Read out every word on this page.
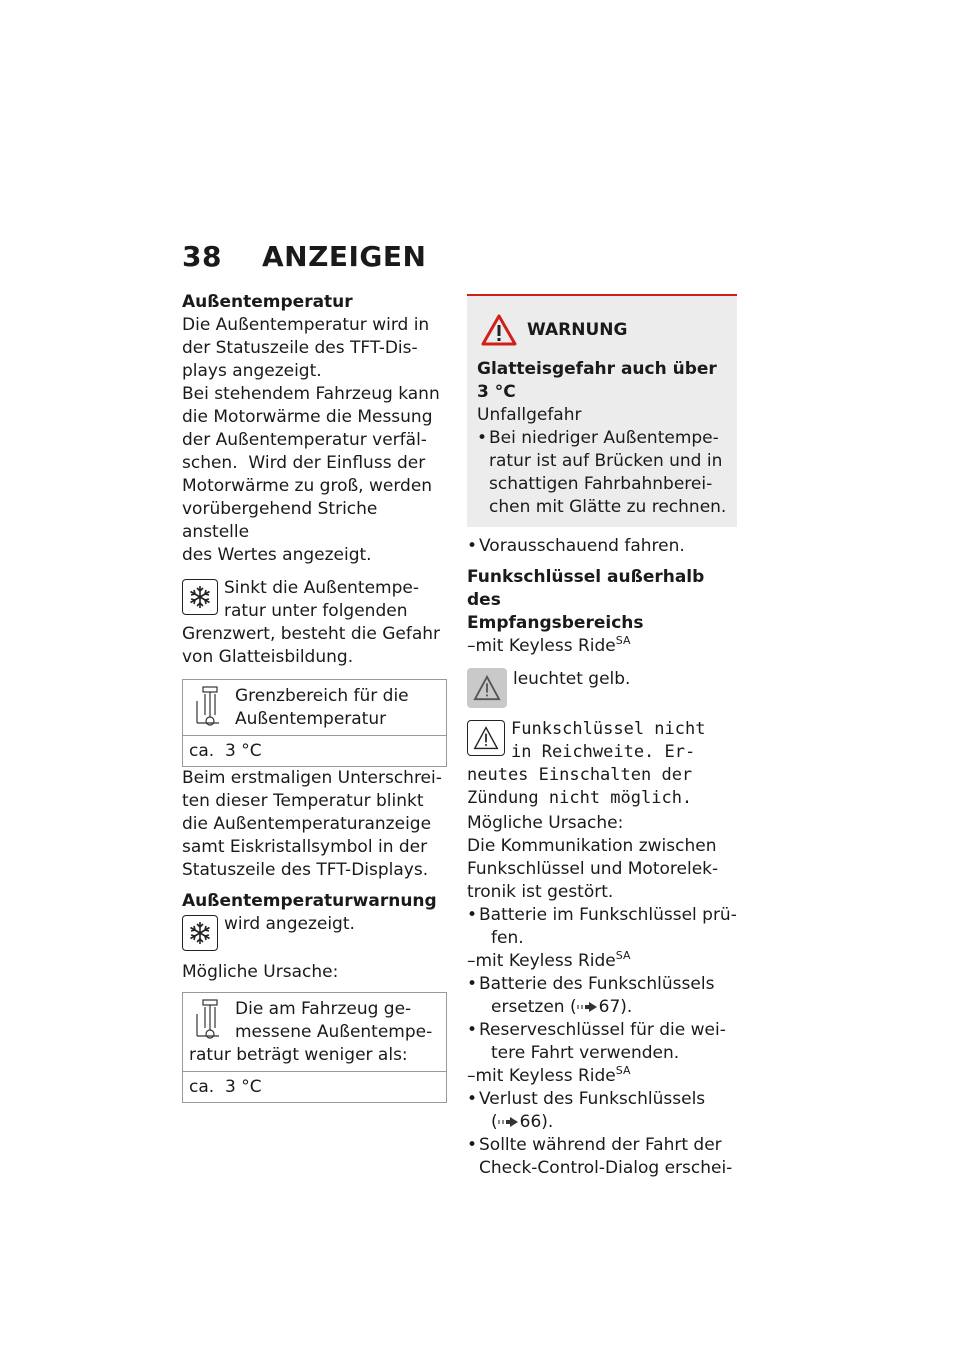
38 ANZEIGEN
Außentemperatur
Die Außentemperatur wird in
der Statuszeile des TFT-Dis-
plays angezeigt.
Bei stehendem Fahrzeug kann
die Motorwärme die Messung
der Außentemperatur verfäl-
schen.  Wird der Einfluss der
Motorwärme zu groß, werden
vorübergehend Striche anstelle
des Wertes angezeigt.
Sinkt die Außentempe-
ratur unter folgenden
Grenzwert, besteht die Gefahr
von Glatteisbildung.
Grenzbereich für die
Außentemperatur
ca.  3 °C
Beim erstmaligen Unterschrei-
ten dieser Temperatur blinkt
die Außentemperaturanzeige
samt Eiskristallsymbol in der
Statuszeile des TFT-Displays.
Außentemperaturwarnung
wird angezeigt.
Mögliche Ursache:
Die am Fahrzeug ge-
messene Außentempe-
ratur beträgt weniger als:
ca.  3 °C
WARNUNG
Glatteisgefahr auch über
3 °C
Unfallgefahr
• Bei niedriger Außentempe-
ratur ist auf Brücken und in
schattigen Fahrbahnberei-
chen mit Glätte zu rechnen.
• Vorausschauend fahren.
Funkschlüssel außerhalb des
Empfangsbereichs
–mit Keyless Ride$^{SA}$
leuchtet gelb.
Funkschlüssel nicht
in Reichweite. Er-
neutes Einschalten der
Zündung nicht möglich.
Mögliche Ursache:
Die Kommunikation zwischen
Funkschlüssel und Motorelek-
tronik ist gestört.
• Batterie im Funkschlüssel prü-
fen.
–mit Keyless Ride$^{SA}$
• Batterie des Funkschlüssels
ersetzen ( 67).
• Reserveschlüssel für die wei-
tere Fahrt verwenden.
–mit Keyless Ride$^{SA}$
• Verlust des Funkschlüssels
( 66).
• Sollte während der Fahrt der
Check-Control-Dialog erschei-
